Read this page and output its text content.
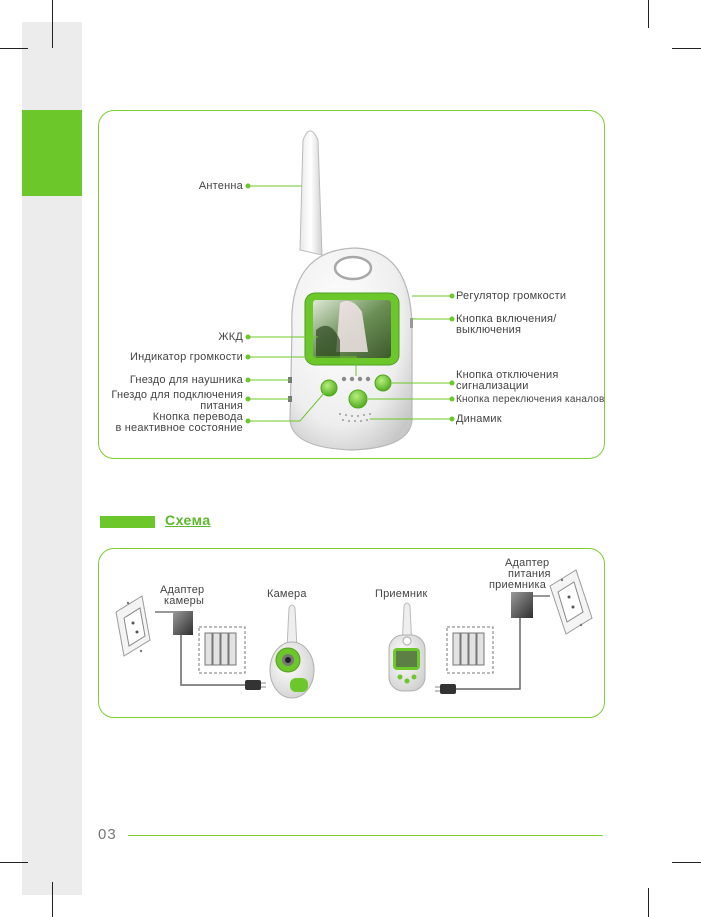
Антенна
ЖКД
Индикатор громкости
Гнездо для наушника
Гнездо для подключения
питания
Кнопка перевода
в неактивное состояние
Регулятор громкости
Кнопка включения/
выключения
Кнопка отключения
сигнализации
Кнопка переключения каналов
Динамик
Схема
Адаптер
камеры
Камера	Приемник
Адаптер
питания
приемника
03
